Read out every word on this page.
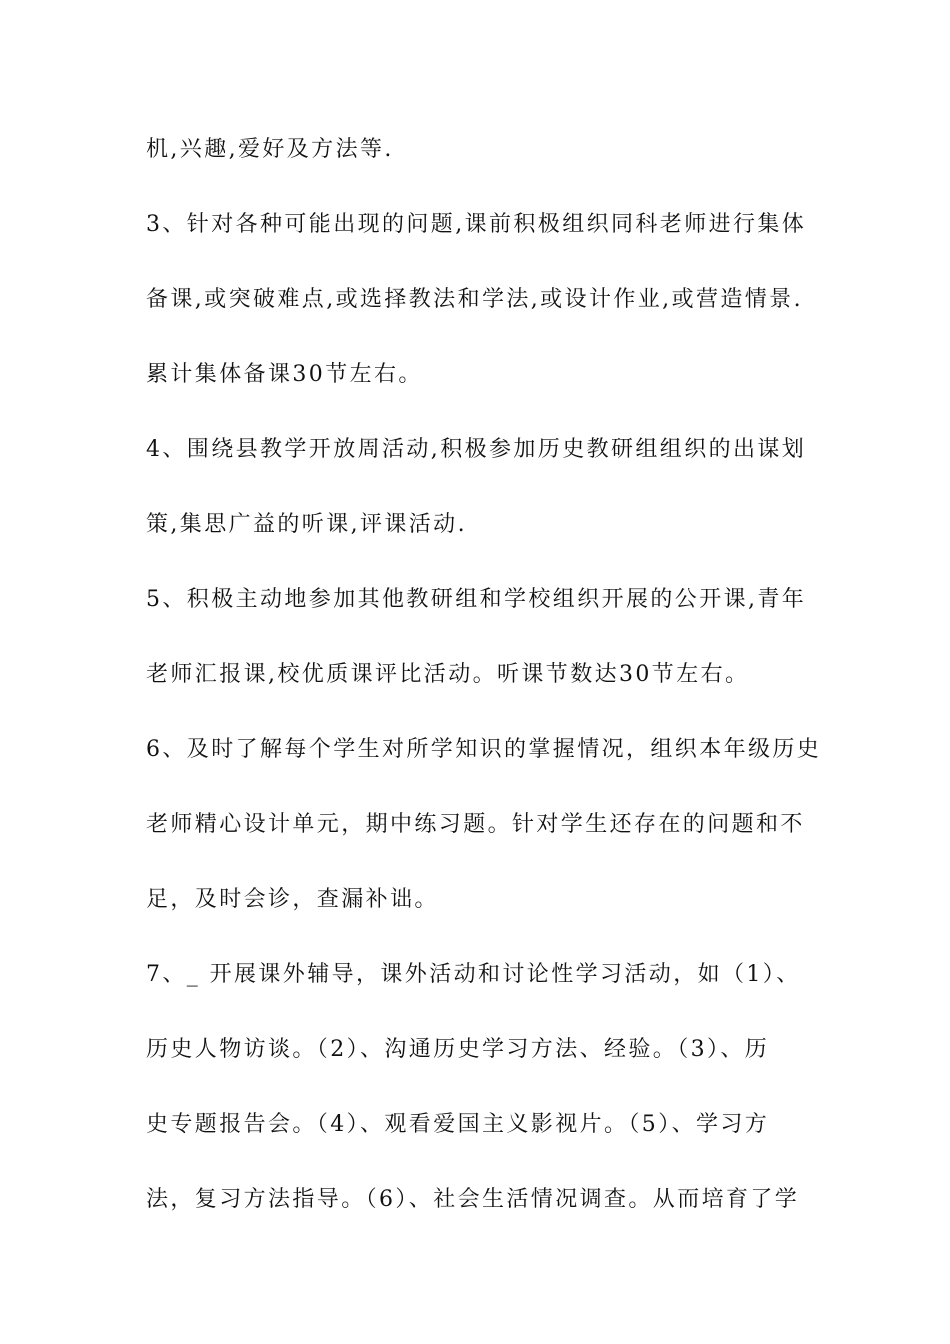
机,兴趣,爱好及方法等.
3、针对各种可能出现的问题,课前积极组织同科老师进行集体
备课,或突破难点,或选择教法和学法,或设计作业,或营造情景.
累计集体备课30节左右。
4、围绕县教学开放周活动,积极参加历史教研组组织的出谋划
策,集思广益的听课,评课活动.
5、积极主动地参加其他教研组和学校组织开展的公开课,青年
老师汇报课,校优质课评比活动。听课节数达30节左右。
6、及时了解每个学生对所学知识的掌握情况，组织本年级历史
老师精心设计单元，期中练习题。针对学生还存在的问题和不
足，及时会诊，查漏补诎。
7、_ 开展课外辅导，课外活动和讨论性学习活动，如（1）、
历史人物访谈。（2）、沟通历史学习方法、经验。（3）、历
史专题报告会。（4）、观看爱国主义影视片。（5）、学习方
法，复习方法指导。（6）、社会生活情况调查。从而培育了学
